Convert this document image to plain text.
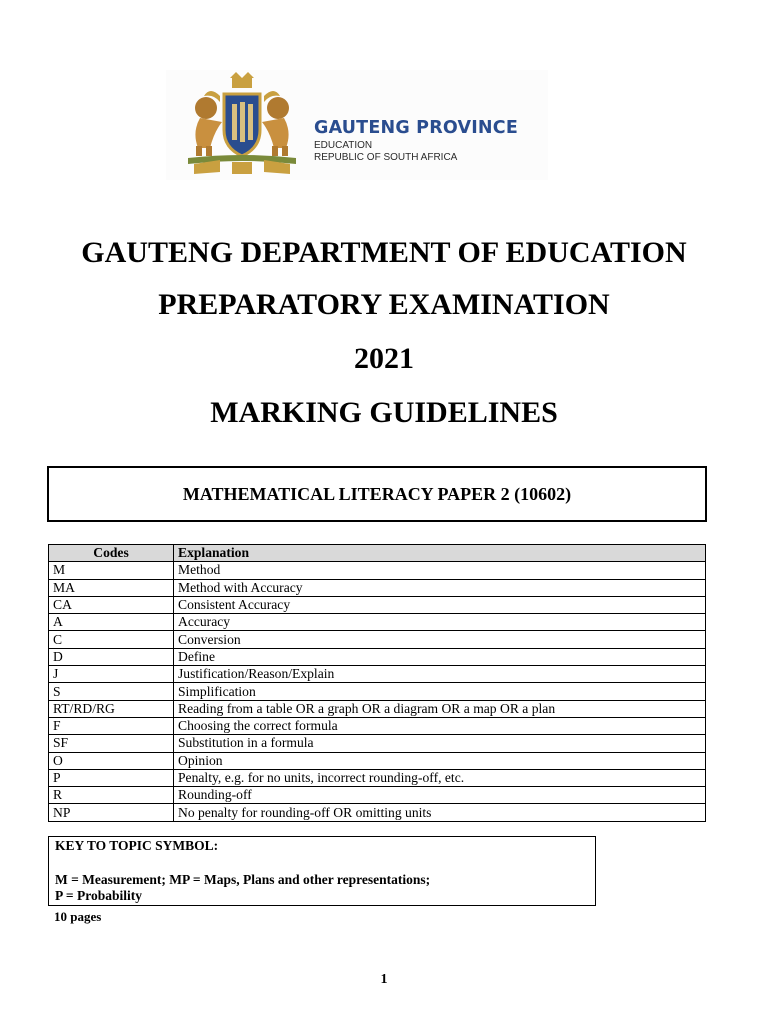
GAUTENG PROVINCE
EDUCATION
REPUBLIC OF SOUTH AFRICA
GAUTENG DEPARTMENT OF EDUCATION
PREPARATORY EXAMINATION
2021
MARKING GUIDELINES
MATHEMATICAL LITERACY PAPER 2 (10602)
Codes	Explanation
M	Method
MA	Method with Accuracy
CA	Consistent Accuracy
A	Accuracy
C	Conversion
D	Define
J	Justification/Reason/Explain
S	Simplification
RT/RD/RG	Reading from a table OR a graph OR a diagram OR a map OR a plan
F	Choosing the correct formula
SF	Substitution in a formula
O	Opinion
P	Penalty, e.g. for no units, incorrect rounding-off, etc.
R	Rounding-off
NP	No penalty for rounding-off OR omitting units
KEY TO TOPIC SYMBOL:
M = Measurement; MP = Maps, Plans and other representations;
P = Probability
10 pages
1
